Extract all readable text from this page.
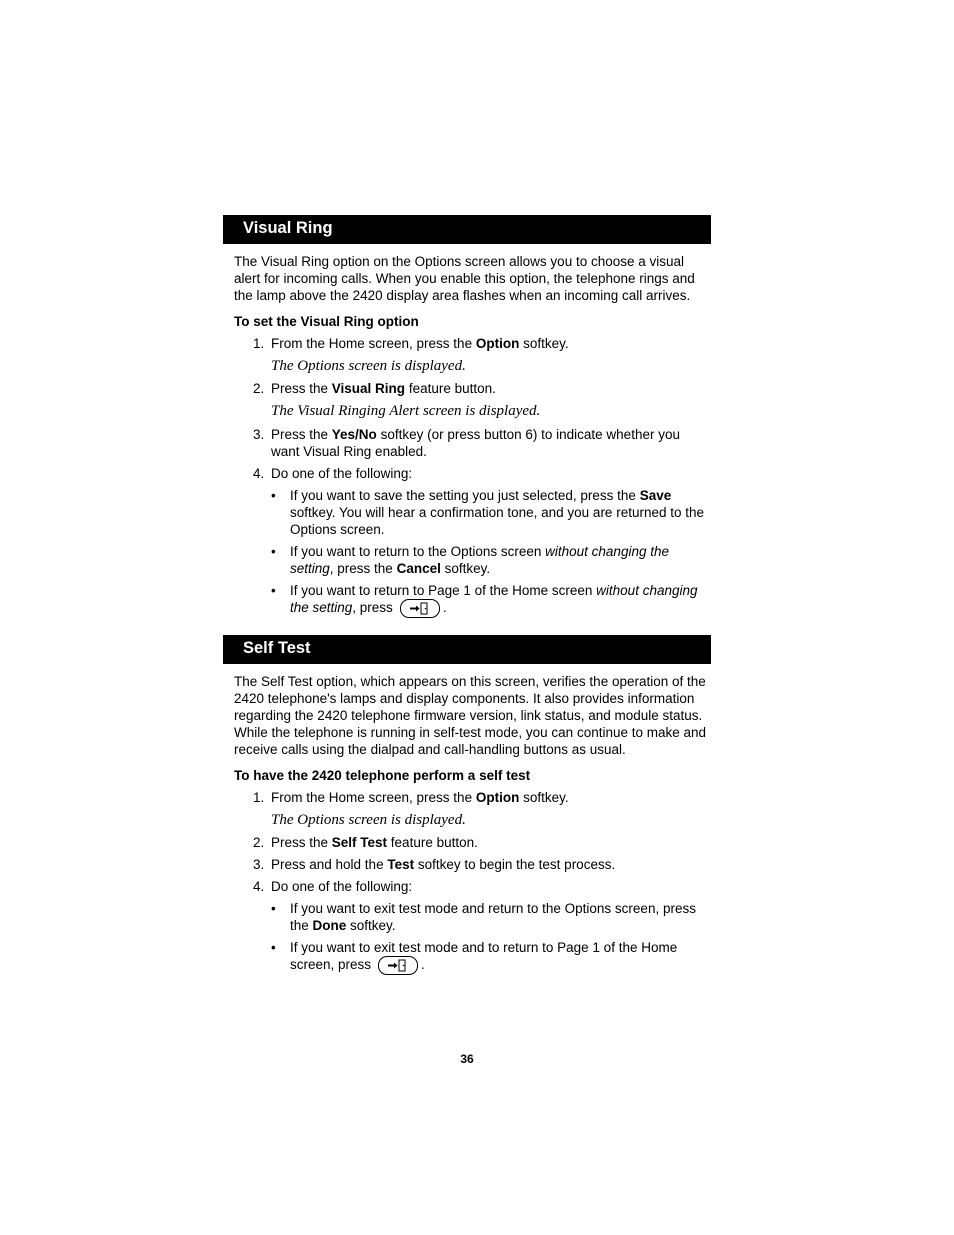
Visual Ring

The Visual Ring option on the Options screen allows you to choose a visual alert for incoming calls. When you enable this option, the telephone rings and the lamp above the 2420 display area flashes when an incoming call arrives.

To set the Visual Ring option
1. From the Home screen, press the Option softkey.
The Options screen is displayed.
2. Press the Visual Ring feature button.
The Visual Ringing Alert screen is displayed.
3. Press the Yes/No softkey (or press button 6) to indicate whether you want Visual Ring enabled.
4. Do one of the following:
• If you want to save the setting you just selected, press the Save softkey. You will hear a confirmation tone, and you are returned to the Options screen.
• If you want to return to the Options screen without changing the setting, press the Cancel softkey.
• If you want to return to Page 1 of the Home screen without changing the setting, press	.
Self Test

The Self Test option, which appears on this screen, verifies the operation of the 2420 telephone's lamps and display components. It also provides information regarding the 2420 telephone firmware version, link status, and module status. While the telephone is running in self-test mode, you can continue to make and receive calls using the dialpad and call-handling buttons as usual.

To have the 2420 telephone perform a self test
1. From the Home screen, press the Option softkey.
The Options screen is displayed.
2. Press the Self Test feature button.
3. Press and hold the Test softkey to begin the test process.
4. Do one of the following:
• If you want to exit test mode and return to the Options screen, press the Done softkey.
• If you want to exit test mode and to return to Page 1 of the Home screen, press	.
36
